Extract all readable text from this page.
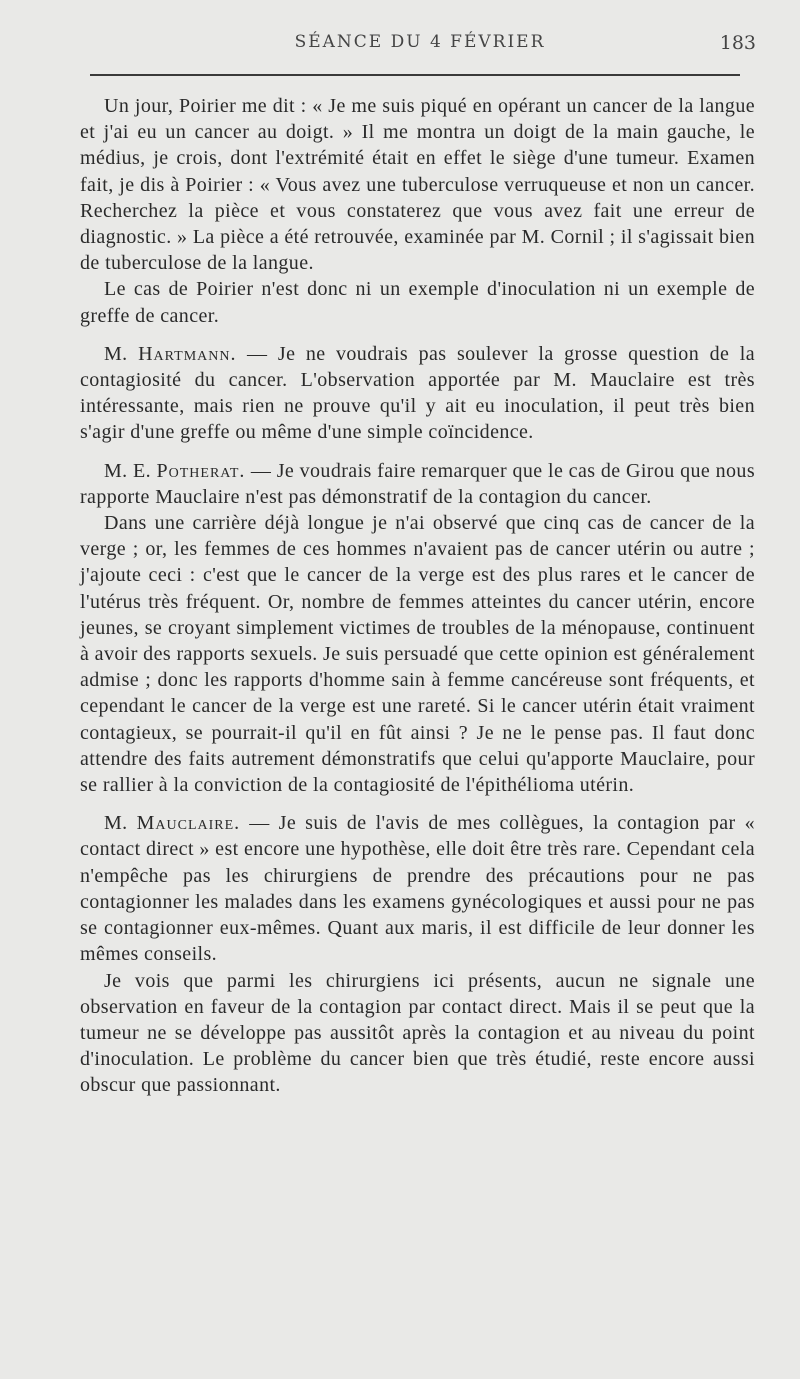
SÉANCE DU 4 FÉVRIER	183

Un jour, Poirier me dit : « Je me suis piqué en opérant un cancer de la langue et j'ai eu un cancer au doigt. » Il me montra un doigt de la main gauche, le médius, je crois, dont l'extrémité était en effet le siège d'une tumeur. Examen fait, je dis à Poirier : « Vous avez une tuberculose verruqueuse et non un cancer. Recherchez la pièce et vous constaterez que vous avez fait une erreur de diagnostic. » La pièce a été retrouvée, examinée par M. Cornil ; il s'agissait bien de tuberculose de la langue.

Le cas de Poirier n'est donc ni un exemple d'inoculation ni un exemple de greffe de cancer.

M. Hartmann. — Je ne voudrais pas soulever la grosse question de la contagiosité du cancer. L'observation apportée par M. Mauclaire est très intéressante, mais rien ne prouve qu'il y ait eu inoculation, il peut très bien s'agir d'une greffe ou même d'une simple coïncidence.

M. E. Potherat. — Je voudrais faire remarquer que le cas de Girou que nous rapporte Mauclaire n'est pas démonstratif de la contagion du cancer.

Dans une carrière déjà longue je n'ai observé que cinq cas de cancer de la verge ; or, les femmes de ces hommes n'avaient pas de cancer utérin ou autre ; j'ajoute ceci : c'est que le cancer de la verge est des plus rares et le cancer de l'utérus très fréquent. Or, nombre de femmes atteintes du cancer utérin, encore jeunes, se croyant simplement victimes de troubles de la ménopause, continuent à avoir des rapports sexuels. Je suis persuadé que cette opinion est généralement admise ; donc les rapports d'homme sain à femme cancéreuse sont fréquents, et cependant le cancer de la verge est une rareté. Si le cancer utérin était vraiment contagieux, se pourrait-il qu'il en fût ainsi ? Je ne le pense pas. Il faut donc attendre des faits autrement démonstratifs que celui qu'apporte Mauclaire, pour se rallier à la conviction de la contagiosité de l'épithélioma utérin.

M. Mauclaire. — Je suis de l'avis de mes collègues, la contagion par « contact direct » est encore une hypothèse, elle doit être très rare. Cependant cela n'empêche pas les chirurgiens de prendre des précautions pour ne pas contagionner les malades dans les examens gynécologiques et aussi pour ne pas se contagionner eux-mêmes. Quant aux maris, il est difficile de leur donner les mêmes conseils.

Je vois que parmi les chirurgiens ici présents, aucun ne signale une observation en faveur de la contagion par contact direct. Mais il se peut que la tumeur ne se développe pas aussitôt après la contagion et au niveau du point d'inoculation. Le problème du cancer bien que très étudié, reste encore aussi obscur que passionnant.
